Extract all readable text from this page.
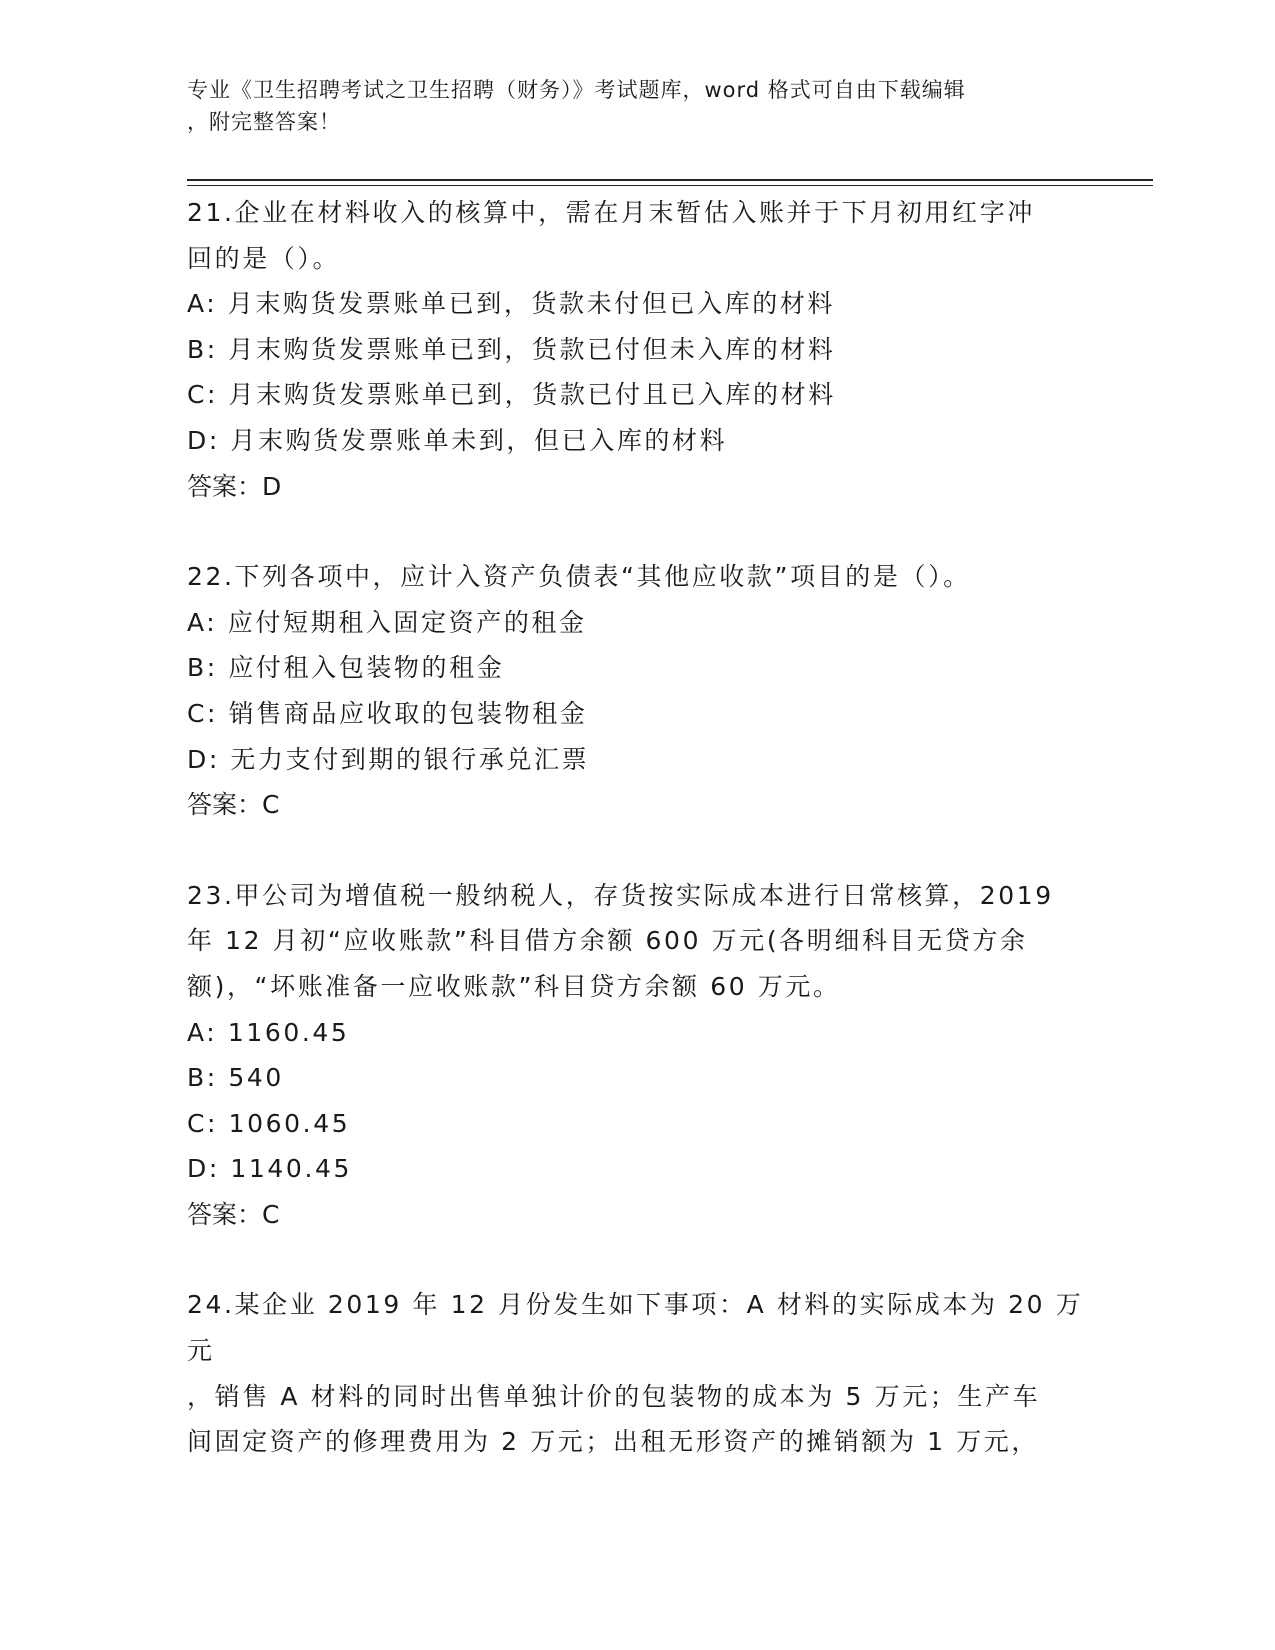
专业《卫生招聘考试之卫生招聘（财务）》考试题库，word 格式可自由下载编辑
，附完整答案！

21.企业在材料收入的核算中，需在月末暂估入账并于下月初用红字冲

回的是（）。

A: 月末购货发票账单已到，货款未付但已入库的材料

B: 月末购货发票账单已到，货款已付但未入库的材料

C: 月末购货发票账单已到，货款已付且已入库的材料

D: 月末购货发票账单未到，但已入库的材料

答案：D

22.下列各项中，应计入资产负债表“其他应收款”项目的是（）。

A: 应付短期租入固定资产的租金

B: 应付租入包装物的租金

C: 销售商品应收取的包装物租金

D: 无力支付到期的银行承兑汇票

答案：C

23.甲公司为增值税一般纳税人，存货按实际成本进行日常核算，2019

年 12 月初“应收账款”科目借方余额 600 万元(各明细科目无贷方余

额)，“坏账准备一应收账款”科目贷方余额 60 万元。

A: 1160.45

B: 540

C: 1060.45

D: 1140.45

答案：C

24.某企业 2019 年 12 月份发生如下事项：A 材料的实际成本为 20 万元

，销售 A 材料的同时出售单独计价的包装物的成本为 5 万元；生产车

间固定资产的修理费用为 2 万元；出租无形资产的摊销额为 1 万元，
